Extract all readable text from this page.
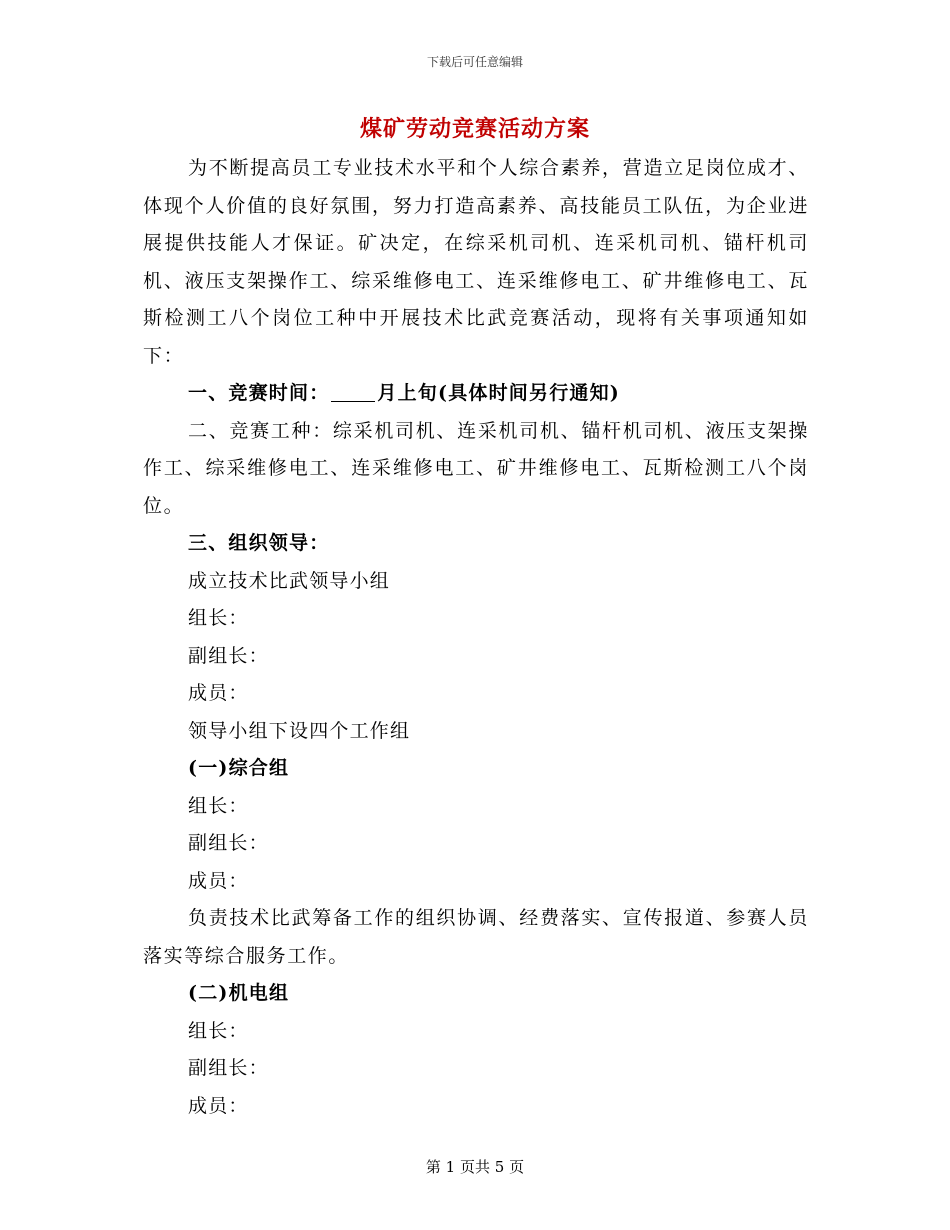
下载后可任意编辑
煤矿劳动竞赛活动方案

为不断提高员工专业技术水平和个人综合素养，营造立足岗位成才、体现个人价值的良好氛围，努力打造高素养、高技能员工队伍，为企业进展提供技能人才保证。矿决定，在综采机司机、连采机司机、锚杆机司机、液压支架操作工、综采维修电工、连采维修电工、矿井维修电工、瓦斯检测工八个岗位工种中开展技术比武竞赛活动，现将有关事项通知如下：

一、竞赛时间：	月上旬(具体时间另行通知)

二、竞赛工种：综采机司机、连采机司机、锚杆机司机、液压支架操作工、综采维修电工、连采维修电工、矿井维修电工、瓦斯检测工八个岗位。

三、组织领导：

成立技术比武领导小组

组长：

副组长：

成员：

领导小组下设四个工作组

(一)综合组

组长：

副组长：

成员：

负责技术比武筹备工作的组织协调、经费落实、宣传报道、参赛人员落实等综合服务工作。

(二)机电组

组长：

副组长：

成员：

第 1 页共 5 页
